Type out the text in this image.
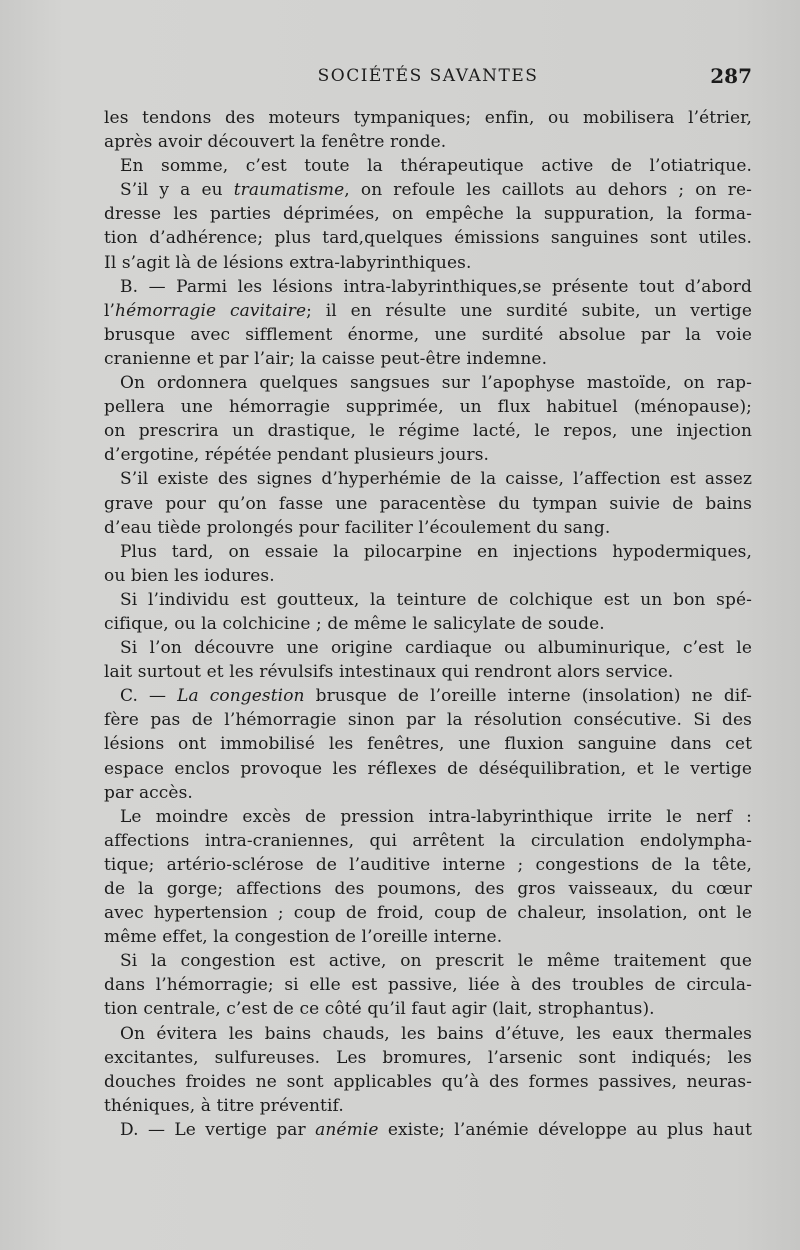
SOCIÉTÉS SAVANTES	287
les tendons des moteurs tympaniques; enfin, ou mobilisera l’étrier,
après avoir découvert la fenêtre ronde.
En somme, c’est toute la thérapeutique active de l’otiatrique.
S’il y a eu traumatisme, on refoule les caillots au dehors ; on re-
dresse les parties déprimées, on empêche la suppuration, la forma-
tion d’adhérence; plus tard,quelques émissions sanguines sont utiles.
Il s’agit là de lésions extra-labyrinthiques.
B. — Parmi les lésions intra-labyrinthiques,se présente tout d’abord
l’hémorragie cavitaire; il en résulte une surdité subite, un vertige
brusque avec sifflement énorme, une surdité absolue par la voie
cranienne et par l’air; la caisse peut-être indemne.
On ordonnera quelques sangsues sur l’apophyse mastoïde, on rap-
pellera une hémorragie supprimée, un flux habituel (ménopause);
on prescrira un drastique, le régime lacté, le repos, une injection
d’ergotine, répétée pendant plusieurs jours.
S’il existe des signes d’hyperhémie de la caisse, l’affection est assez
grave pour qu’on fasse une paracentèse du tympan suivie de bains
d’eau tiède prolongés pour faciliter l’écoulement du sang.
Plus tard, on essaie la pilocarpine en injections hypodermiques,
ou bien les iodures.
Si l’individu est goutteux, la teinture de colchique est un bon spé-
cifique, ou la colchicine ; de même le salicylate de soude.
Si l’on découvre une origine cardiaque ou albuminurique, c’est le
lait surtout et les révulsifs intestinaux qui rendront alors service.
C. — La congestion brusque de l’oreille interne (insolation) ne dif-
fère pas de l’hémorragie sinon par la résolution consécutive. Si des
lésions ont immobilisé les fenêtres, une fluxion sanguine dans cet
espace enclos provoque les réflexes de déséquilibration, et le vertige
par accès.
Le moindre excès de pression intra-labyrinthique irrite le nerf :
affections intra-craniennes, qui arrêtent la circulation endolympha-
tique; artério-sclérose de l’auditive interne ; congestions de la tête,
de la gorge; affections des poumons, des gros vaisseaux, du cœur
avec hypertension ; coup de froid, coup de chaleur, insolation, ont le
même effet, la congestion de l’oreille interne.
Si la congestion est active, on prescrit le même traitement que
dans l’hémorragie; si elle est passive, liée à des troubles de circula-
tion centrale, c’est de ce côté qu’il faut agir (lait, strophantus).
On évitera les bains chauds, les bains d’étuve, les eaux thermales
excitantes, sulfureuses. Les bromures, l’arsenic sont indiqués; les
douches froides ne sont applicables qu’à des formes passives, neuras-
théniques, à titre préventif.
D. — Le vertige par anémie existe; l’anémie développe au plus haut
